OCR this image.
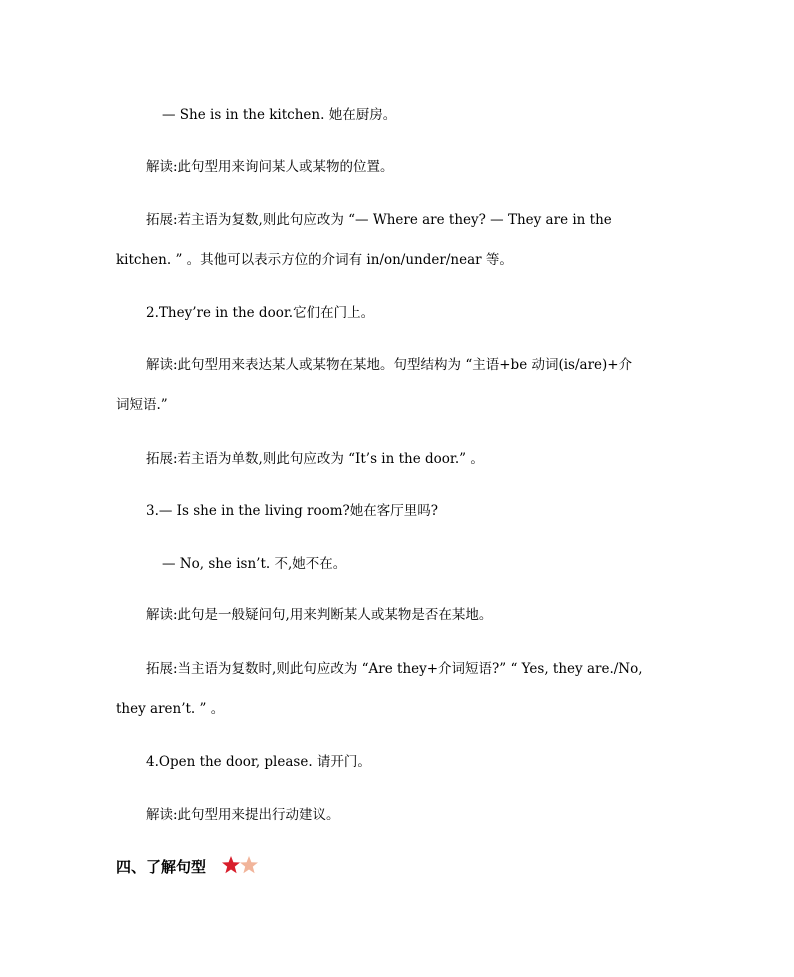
— She is in the kitchen. 她在厨房。
解读:此句型用来询问某人或某物的位置。
拓展:若主语为复数,则此句应改为 “— Where are they? — They are in the
kitchen. ” 。其他可以表示方位的介词有 in/on/under/near 等。
2.They’re in the door.它们在门上。
解读:此句型用来表达某人或某物在某地。句型结构为 “主语+be 动词(is/are)+介
词短语.”
拓展:若主语为单数,则此句应改为 “It’s in the door.” 。
3.— Is she in the living room?她在客厅里吗?
— No, she isn’t. 不,她不在。
解读:此句是一般疑问句,用来判断某人或某物是否在某地。
拓展:当主语为复数时,则此句应改为 “Are they+介词短语?” “ Yes, they are./No,
they aren’t. ” 。
4.Open the door, please. 请开门。
解读:此句型用来提出行动建议。
四、了解句型
